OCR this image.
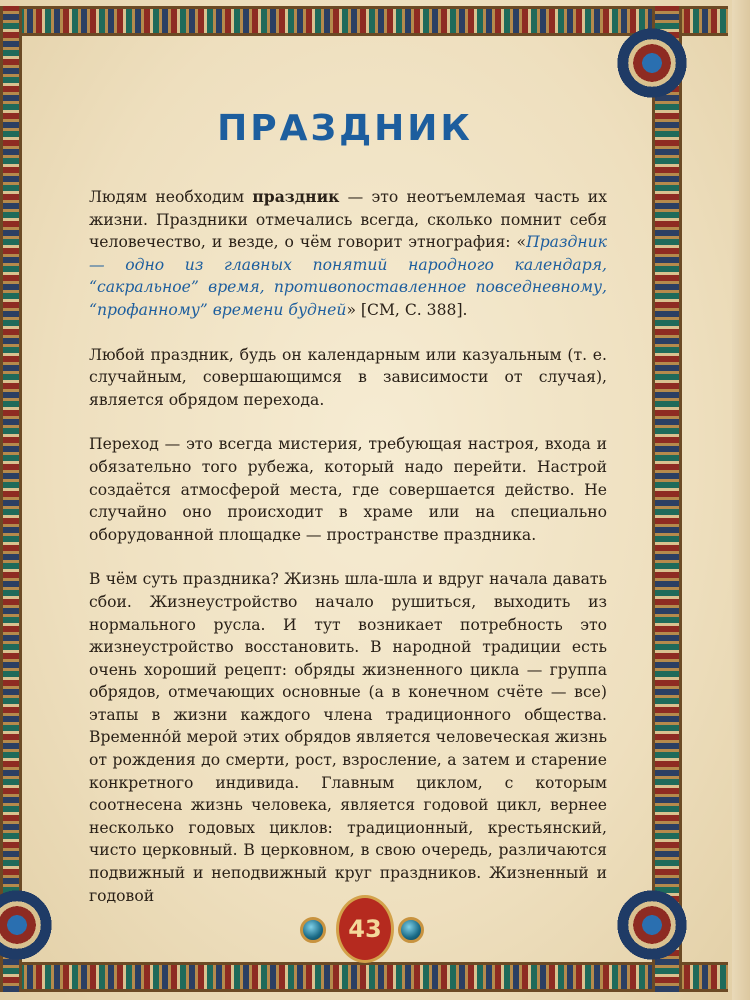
43
ПРАЗДНИК

Людям необходим праздник — это неотъемлемая часть их жизни. Праздники отмечались всегда, сколько помнит себя человечество, и везде, о чём говорит этнография: «Праздник — одно из главных понятий народного календаря, “сакральное” время, противопоставленное повседневному, “профанному” времени будней» [СМ, С. 388].

Любой праздник, будь он календарным или казуальным (т. е. случайным, совершающимся в зависимости от случая), является обрядом перехода.

Переход — это всегда мистерия, требующая настроя, входа и обязательно того рубежа, который надо перейти. Настрой создаётся атмосферой места, где совершается действо. Не случайно оно происходит в храме или на специально оборудованной площадке — пространстве праздника.

В чём суть праздника? Жизнь шла-шла и вдруг начала давать сбои. Жизнеустройство начало рушиться, выходить из нормального русла. И тут возникает потребность это жизнеустройство восстановить. В народной традиции есть очень хороший рецепт: обряды жизненного цикла — группа обрядов, отмечающих основные (а в конечном счёте — все) этапы в жизни каждого члена традиционного общества. Временно́й мерой этих обрядов является человеческая жизнь от рождения до смерти, рост, взросление, а затем и старение конкретного индивида. Главным циклом, с которым соотнесена жизнь человека, является годовой цикл, вернее несколько годовых циклов: традиционный, крестьянский, чисто церковный. В церковном, в свою очередь, различаются подвижный и неподвижный круг праздников. Жизненный и годовой
